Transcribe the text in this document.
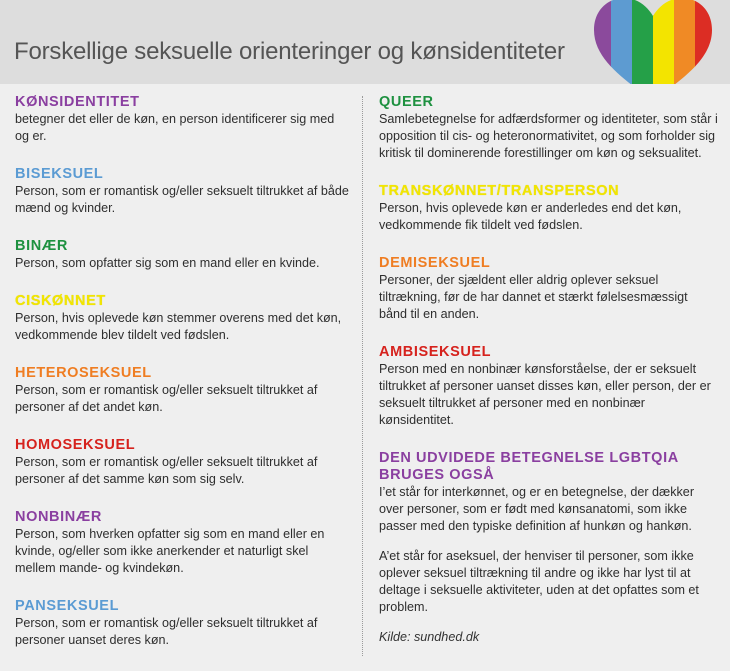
Forskellige seksuelle orienteringer og kønsidentiteter
KØNSIDENTITET
betegner det eller de køn, en person identificerer sig med og er.
BISEKSUEL
Person, som er romantisk og/eller seksuelt tiltrukket af både mænd og kvinder.
BINÆR
Person, som opfatter sig som en mand eller en kvinde.
CISKØNNET
Person, hvis oplevede køn stemmer overens med det køn, vedkommende blev tildelt ved fødslen.
HETEROSEKSUEL
Person, som er romantisk og/eller seksuelt tiltrukket af personer af det andet køn.
HOMOSEKSUEL
Person, som er romantisk og/eller seksuelt tiltrukket af personer af det samme køn som sig selv.
NONBINÆR
Person, som hverken opfatter sig som en mand eller en kvinde, og/eller som ikke anerkender et naturligt skel mellem mande- og kvindekøn.
PANSEKSUEL
Person, som er romantisk og/eller seksuelt tiltrukket af personer uanset deres køn.
QUEER
Samlebetegnelse for adfærdsformer og identiteter, som står i opposition til cis- og heteronormativitet, og som forholder sig kritisk til dominerende forestillinger om køn og seksualitet.
TRANSKØNNET/TRANSPERSON
Person, hvis oplevede køn er anderledes end det køn, vedkommende fik tildelt ved fødslen.
DEMISEKSUEL
Personer, der sjældent eller aldrig oplever seksuel tiltrækning, før de har dannet et stærkt følelsesmæssigt bånd til en anden.
AMBISEKSUEL
Person med en nonbinær kønsforståelse, der er seksuelt tiltrukket af personer uanset disses køn, eller person, der er seksuelt tiltrukket af personer med en nonbinær kønsidentitet.
DEN UDVIDEDE BETEGNELSE LGBTQIA BRUGES OGSÅ
I’et står for interkønnet, og er en betegnelse, der dækker over personer, som er født med kønsanatomi, som ikke passer med den typiske definition af hunkøn og hankøn.
A’et står for aseksuel, der henviser til personer, som ikke oplever seksuel tiltrækning til andre og ikke har lyst til at deltage i seksuelle aktiviteter, uden at det opfattes som et problem.
Kilde: sundhed.dk
